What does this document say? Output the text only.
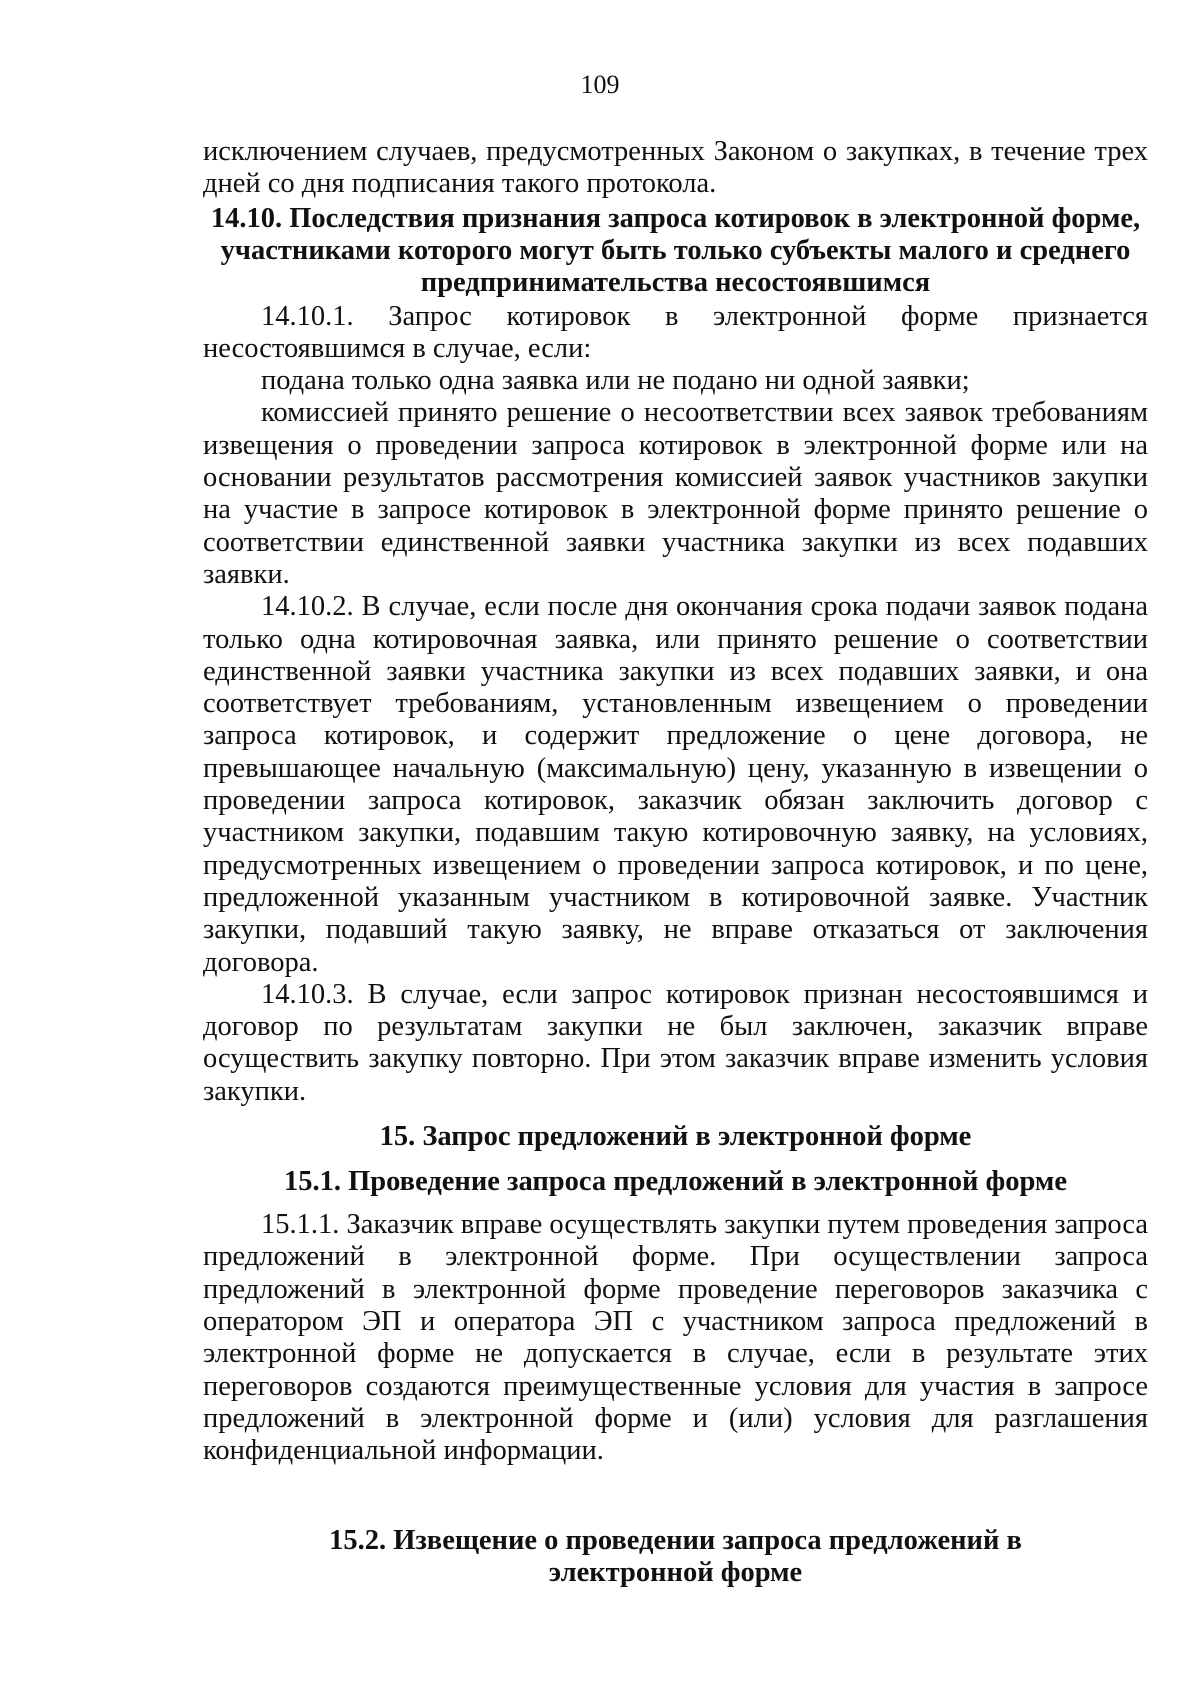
109

исключением случаев, предусмотренных Законом о закупках, в течение трех дней со дня подписания такого протокола.

14.10. Последствия признания запроса котировок в электронной форме, участниками которого могут быть только субъекты малого и среднего предпринимательства несостоявшимся

14.10.1. Запрос котировок в электронной форме признается несостоявшимся в случае, если:

подана только одна заявка или не подано ни одной заявки;

комиссией принято решение о несоответствии всех заявок требованиям извещения о проведении запроса котировок в электронной форме или на основании результатов рассмотрения комиссией заявок участников закупки на участие в запросе котировок в электронной форме принято решение о соответствии единственной заявки участника закупки из всех подавших заявки.

14.10.2. В случае, если после дня окончания срока подачи заявок подана только одна котировочная заявка, или принято решение о соответствии единственной заявки участника закупки из всех подавших заявки, и она соответствует требованиям, установленным извещением о проведении запроса котировок, и содержит предложение о цене договора, не превышающее начальную (максимальную) цену, указанную в извещении о проведении запроса котировок, заказчик обязан заключить договор с участником закупки, подавшим такую котировочную заявку, на условиях, предусмотренных извещением о проведении запроса котировок, и по цене, предложенной указанным участником в котировочной заявке. Участник закупки, подавший такую заявку, не вправе отказаться от заключения договора.

14.10.3. В случае, если запрос котировок признан несостоявшимся и договор по результатам закупки не был заключен, заказчик вправе осуществить закупку повторно. При этом заказчик вправе изменить условия закупки.

15. Запрос предложений в электронной форме
15.1. Проведение запроса предложений в электронной форме

15.1.1. Заказчик вправе осуществлять закупки путем проведения запроса предложений в электронной форме. При осуществлении запроса предложений в электронной форме проведение переговоров заказчика с оператором ЭП и оператора ЭП с участником запроса предложений в электронной форме не допускается в случае, если в результате этих переговоров создаются преимущественные условия для участия в запросе предложений в электронной форме и (или) условия для разглашения конфиденциальной информации.

15.2. Извещение о проведении запроса предложений в электронной форме
